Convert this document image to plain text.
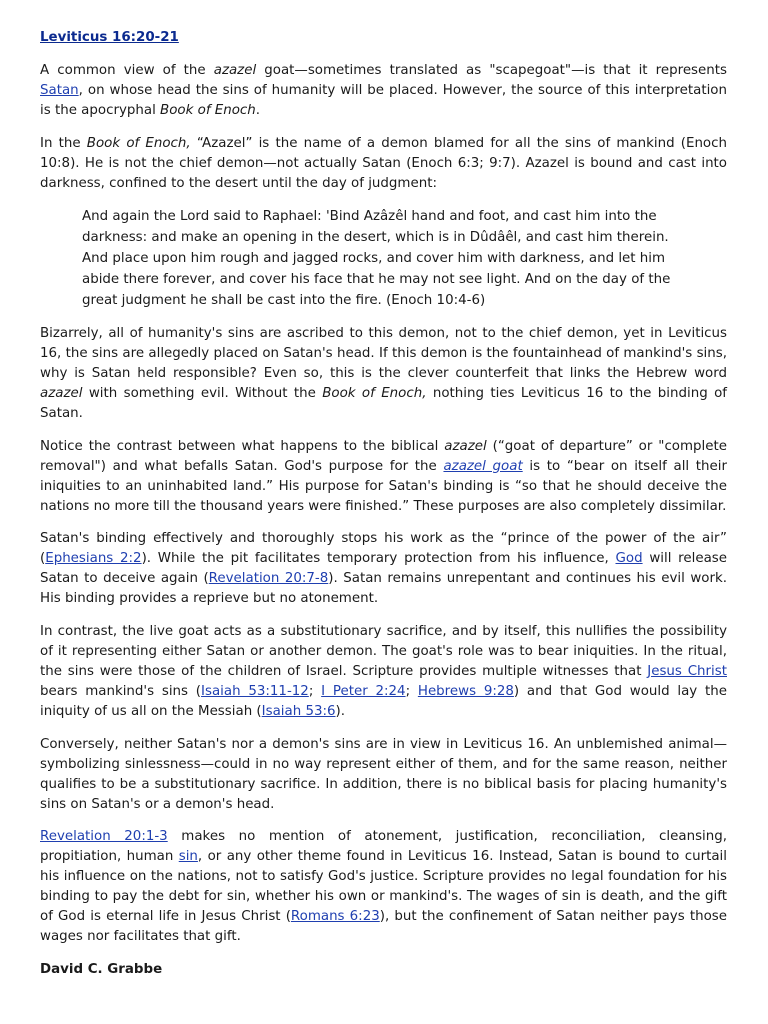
Leviticus 16:20-21

A common view of the azazel goat—sometimes translated as "scapegoat"—is that it represents Satan, on whose head the sins of humanity will be placed. However, the source of this interpretation is the apocryphal Book of Enoch.

In the Book of Enoch, “Azazel” is the name of a demon blamed for all the sins of mankind (Enoch 10:8). He is not the chief demon—not actually Satan (Enoch 6:3; 9:7). Azazel is bound and cast into darkness, confined to the desert until the day of judgment:

And again the Lord said to Raphael: 'Bind Azâzêl hand and foot, and cast him into the darkness: and make an opening in the desert, which is in Dûdâêl, and cast him therein. And place upon him rough and jagged rocks, and cover him with darkness, and let him abide there forever, and cover his face that he may not see light. And on the day of the great judgment he shall be cast into the fire. (Enoch 10:4-6)

Bizarrely, all of humanity's sins are ascribed to this demon, not to the chief demon, yet in Leviticus 16, the sins are allegedly placed on Satan's head. If this demon is the fountainhead of mankind's sins, why is Satan held responsible? Even so, this is the clever counterfeit that links the Hebrew word azazel with something evil. Without the Book of Enoch, nothing ties Leviticus 16 to the binding of Satan.

Notice the contrast between what happens to the biblical azazel (“goat of departure” or "complete removal") and what befalls Satan. God's purpose for the azazel goat is to “bear on itself all their iniquities to an uninhabited land.” His purpose for Satan's binding is “so that he should deceive the nations no more till the thousand years were finished.” These purposes are also completely dissimilar.

Satan's binding effectively and thoroughly stops his work as the “prince of the power of the air” (Ephesians 2:2). While the pit facilitates temporary protection from his influence, God will release Satan to deceive again (Revelation 20:7-8). Satan remains unrepentant and continues his evil work. His binding provides a reprieve but no atonement.

In contrast, the live goat acts as a substitutionary sacrifice, and by itself, this nullifies the possibility of it representing either Satan or another demon. The goat's role was to bear iniquities. In the ritual, the sins were those of the children of Israel. Scripture provides multiple witnesses that Jesus Christ bears mankind's sins (Isaiah 53:11-12; I Peter 2:24; Hebrews 9:28) and that God would lay the iniquity of us all on the Messiah (Isaiah 53:6).

Conversely, neither Satan's nor a demon's sins are in view in Leviticus 16. An unblemished animal—symbolizing sinlessness—could in no way represent either of them, and for the same reason, neither qualifies to be a substitutionary sacrifice. In addition, there is no biblical basis for placing humanity's sins on Satan's or a demon's head.

Revelation 20:1-3 makes no mention of atonement, justification, reconciliation, cleansing, propitiation, human sin, or any other theme found in Leviticus 16. Instead, Satan is bound to curtail his influence on the nations, not to satisfy God's justice. Scripture provides no legal foundation for his binding to pay the debt for sin, whether his own or mankind's. The wages of sin is death, and the gift of God is eternal life in Jesus Christ (Romans 6:23), but the confinement of Satan neither pays those wages nor facilitates that gift.

David C. Grabbe
